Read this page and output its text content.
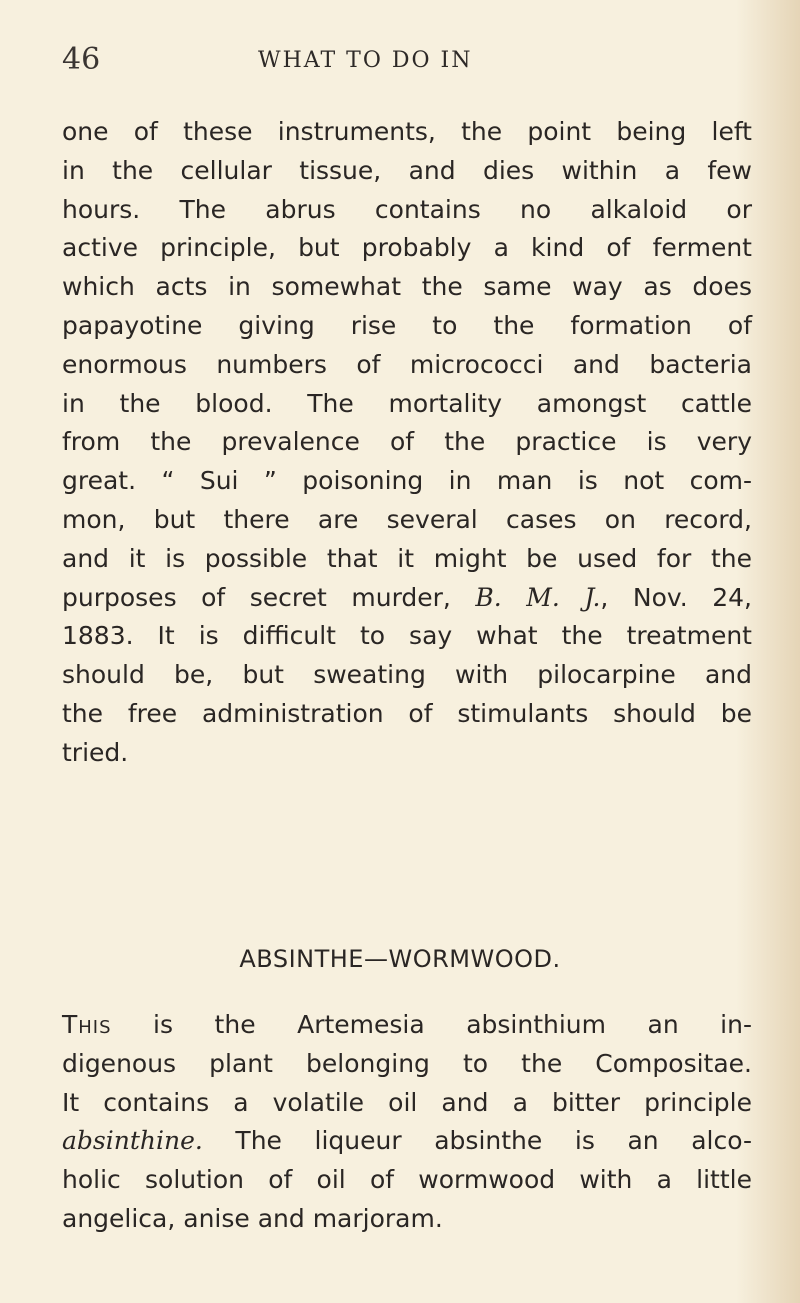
46	WHAT TO DO IN
one of these instruments, the point being left
in the cellular tissue, and dies within a few
hours. The abrus contains no alkaloid or
active principle, but probably a kind of ferment
which acts in somewhat the same way as does
papayotine giving rise to the formation of
enormous numbers of micrococci and bacteria
in the blood. The mortality amongst cattle
from the prevalence of the practice is very
great. “ Sui ” poisoning in man is not com-
mon, but there are several cases on record,
and it is possible that it might be used for the
purposes of secret murder, B. M. J., Nov. 24,
1883. It is difficult to say what the treatment
should be, but sweating with pilocarpine and
the free administration of stimulants should be
tried.
ABSINTHE—WORMWOOD.
This is the Artemesia absinthium an in-
digenous plant belonging to the Compositae.
It contains a volatile oil and a bitter principle
absinthine. The liqueur absinthe is an alco-
holic solution of oil of wormwood with a little
angelica, anise and marjoram.
